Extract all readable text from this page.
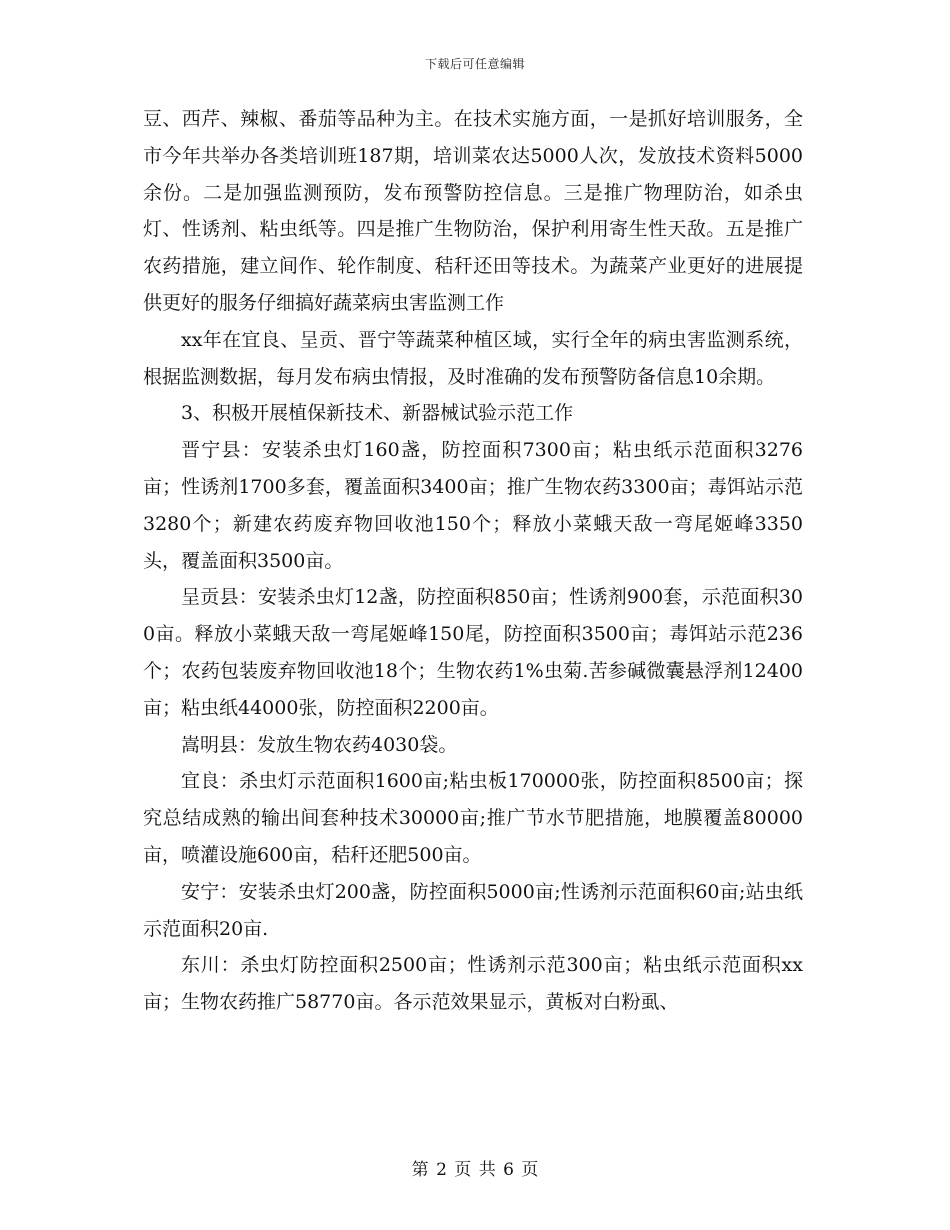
下载后可任意编辑

豆、西芹、辣椒、番茄等品种为主。在技术实施方面，一是抓好培训服务，全市今年共举办各类培训班187期，培训菜农达5000人次，发放技术资料5000余份。二是加强监测预防，发布预警防控信息。三是推广物理防治，如杀虫灯、性诱剂、粘虫纸等。四是推广生物防治，保护利用寄生性天敌。五是推广农药措施，建立间作、轮作制度、秸秆还田等技术。为蔬菜产业更好的进展提供更好的服务仔细搞好蔬菜病虫害监测工作

xx年在宜良、呈贡、晋宁等蔬菜种植区域，实行全年的病虫害监测系统，根据监测数据，每月发布病虫情报，及时准确的发布预警防备信息10余期。

3、积极开展植保新技术、新器械试验示范工作

晋宁县：安装杀虫灯160盏，防控面积7300亩；粘虫纸示范面积3276亩；性诱剂1700多套，覆盖面积3400亩；推广生物农药3300亩；毒饵站示范3280个；新建农药废弃物回收池150个；释放小菜蛾天敌一弯尾姬峰3350头，覆盖面积3500亩。

呈贡县：安装杀虫灯12盏，防控面积850亩；性诱剂900套，示范面积300亩。释放小菜蛾天敌一弯尾姬峰150尾，防控面积3500亩；毒饵站示范236个；农药包装废弃物回收池18个；生物农药1%虫菊.苦参碱微囊悬浮剂12400亩；粘虫纸44000张，防控面积2200亩。

嵩明县：发放生物农药4030袋。

宜良：杀虫灯示范面积1600亩;粘虫板170000张，防控面积8500亩；探究总结成熟的输出间套种技术30000亩;推广节水节肥措施，地膜覆盖80000亩，喷灌设施600亩，秸秆还肥500亩。

安宁：安装杀虫灯200盏，防控面积5000亩;性诱剂示范面积60亩;站虫纸示范面积20亩.

东川：杀虫灯防控面积2500亩；性诱剂示范300亩；粘虫纸示范面积xx亩；生物农药推广58770亩。各示范效果显示，黄板对白粉虱、

第 2 页 共 6 页
